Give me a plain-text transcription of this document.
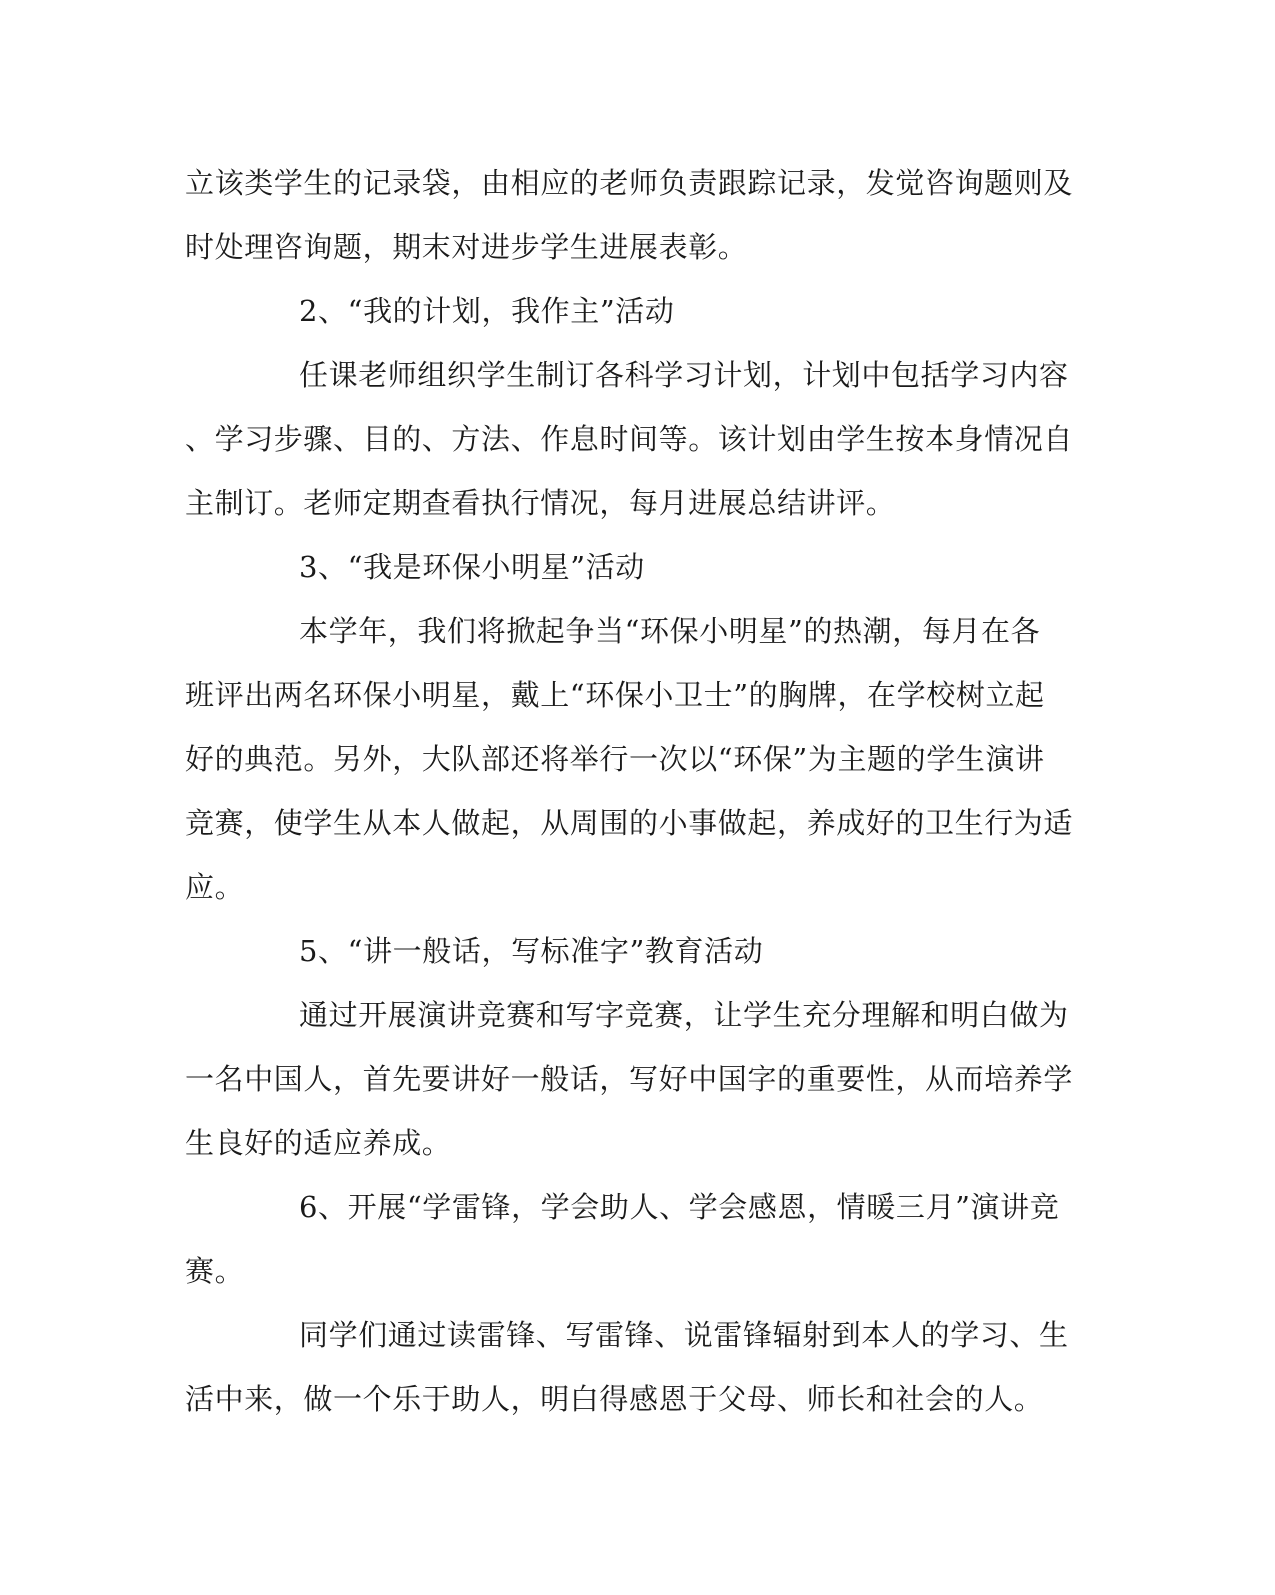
立该类学生的记录袋，由相应的老师负责跟踪记录，发觉咨询题则及
时处理咨询题，期末对进步学生进展表彰。
2、“我的计划，我作主”活动
任课老师组织学生制订各科学习计划，计划中包括学习内容
、学习步骤、目的、方法、作息时间等。该计划由学生按本身情况自
主制订。老师定期查看执行情况，每月进展总结讲评。
3、“我是环保小明星”活动
本学年，我们将掀起争当“环保小明星”的热潮，每月在各
班评出两名环保小明星，戴上“环保小卫士”的胸牌，在学校树立起
好的典范。另外，大队部还将举行一次以“环保”为主题的学生演讲
竞赛，使学生从本人做起，从周围的小事做起，养成好的卫生行为适
应。
5、“讲一般话，写标准字”教育活动
通过开展演讲竞赛和写字竞赛，让学生充分理解和明白做为
一名中国人，首先要讲好一般话，写好中国字的重要性，从而培养学
生良好的适应养成。
6、开展“学雷锋，学会助人、学会感恩，情暖三月”演讲竞
赛。
同学们通过读雷锋、写雷锋、说雷锋辐射到本人的学习、生
活中来，做一个乐于助人，明白得感恩于父母、师长和社会的人。
